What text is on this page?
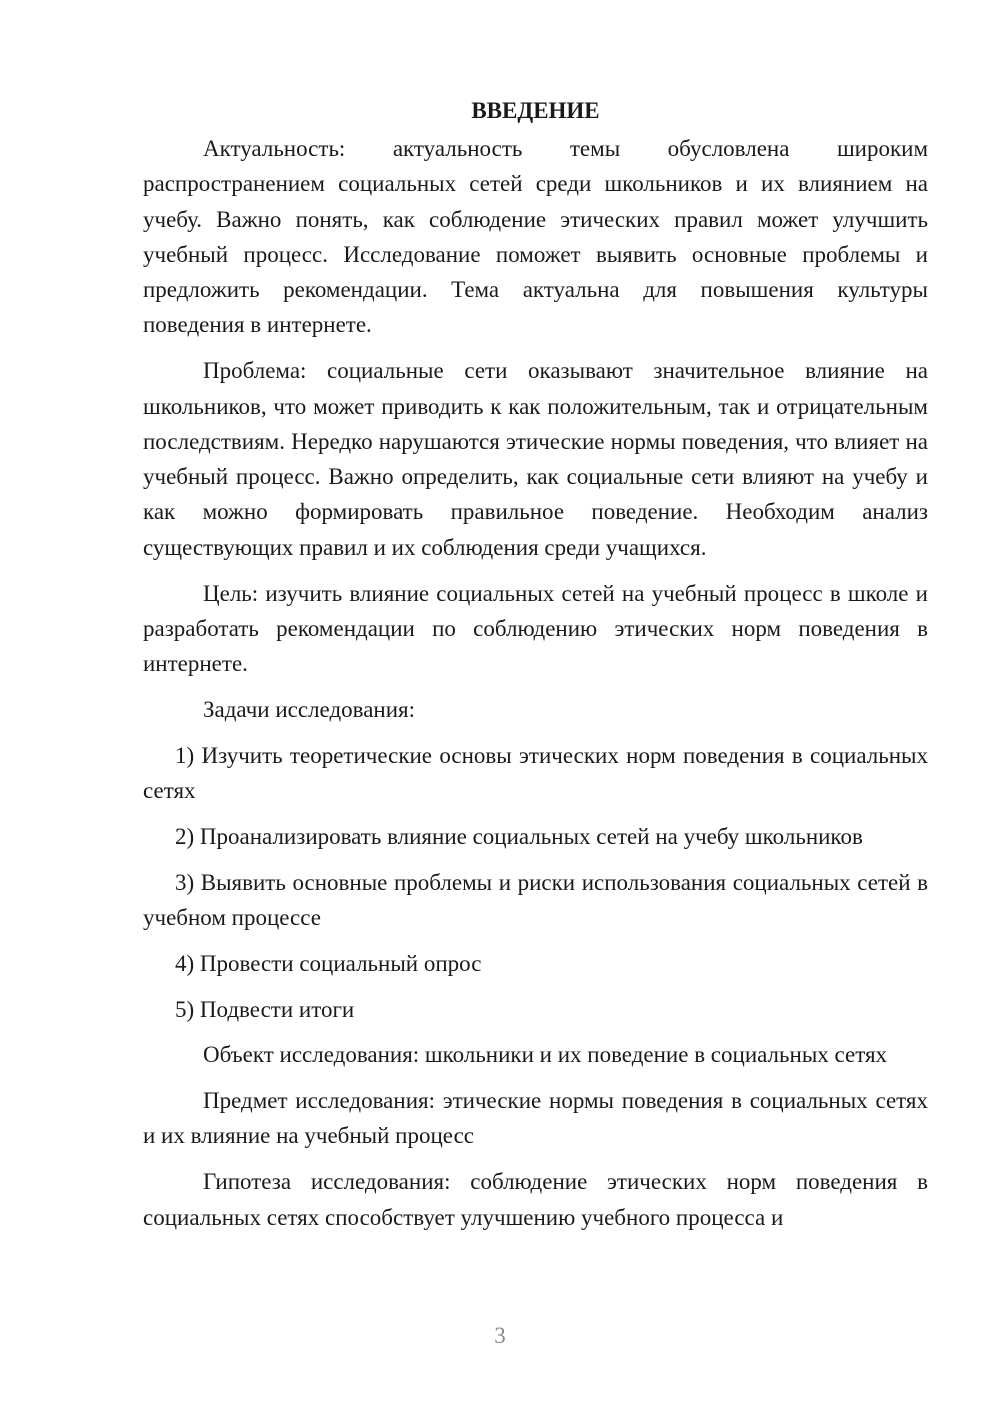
ВВЕДЕНИЕ

Актуальность: актуальность темы обусловлена широким распространением социальных сетей среди школьников и их влиянием на учебу. Важно понять, как соблюдение этических правил может улучшить учебный процесс. Исследование поможет выявить основные проблемы и предложить рекомендации. Тема актуальна для повышения культуры поведения в интернете.

Проблема: социальные сети оказывают значительное влияние на школьников, что может приводить к как положительным, так и отрицательным последствиям. Нередко нарушаются этические нормы поведения, что влияет на учебный процесс. Важно определить, как социальные сети влияют на учебу и как можно формировать правильное поведение. Необходим анализ существующих правил и их соблюдения среди учащихся.

Цель: изучить влияние социальных сетей на учебный процесс в школе и разработать рекомендации по соблюдению этических норм поведения в интернете.

Задачи исследования:

1) Изучить теоретические основы этических норм поведения в социальных сетях

2) Проанализировать влияние социальных сетей на учебу школьников

3) Выявить основные проблемы и риски использования социальных сетей в учебном процессе

4) Провести социальный опрос

5) Подвести итоги

Объект исследования: школьники и их поведение в социальных сетях

Предмет исследования: этические нормы поведения в социальных сетях и их влияние на учебный процесс

Гипотеза исследования: соблюдение этических норм поведения в социальных сетях способствует улучшению учебного процесса и

3
